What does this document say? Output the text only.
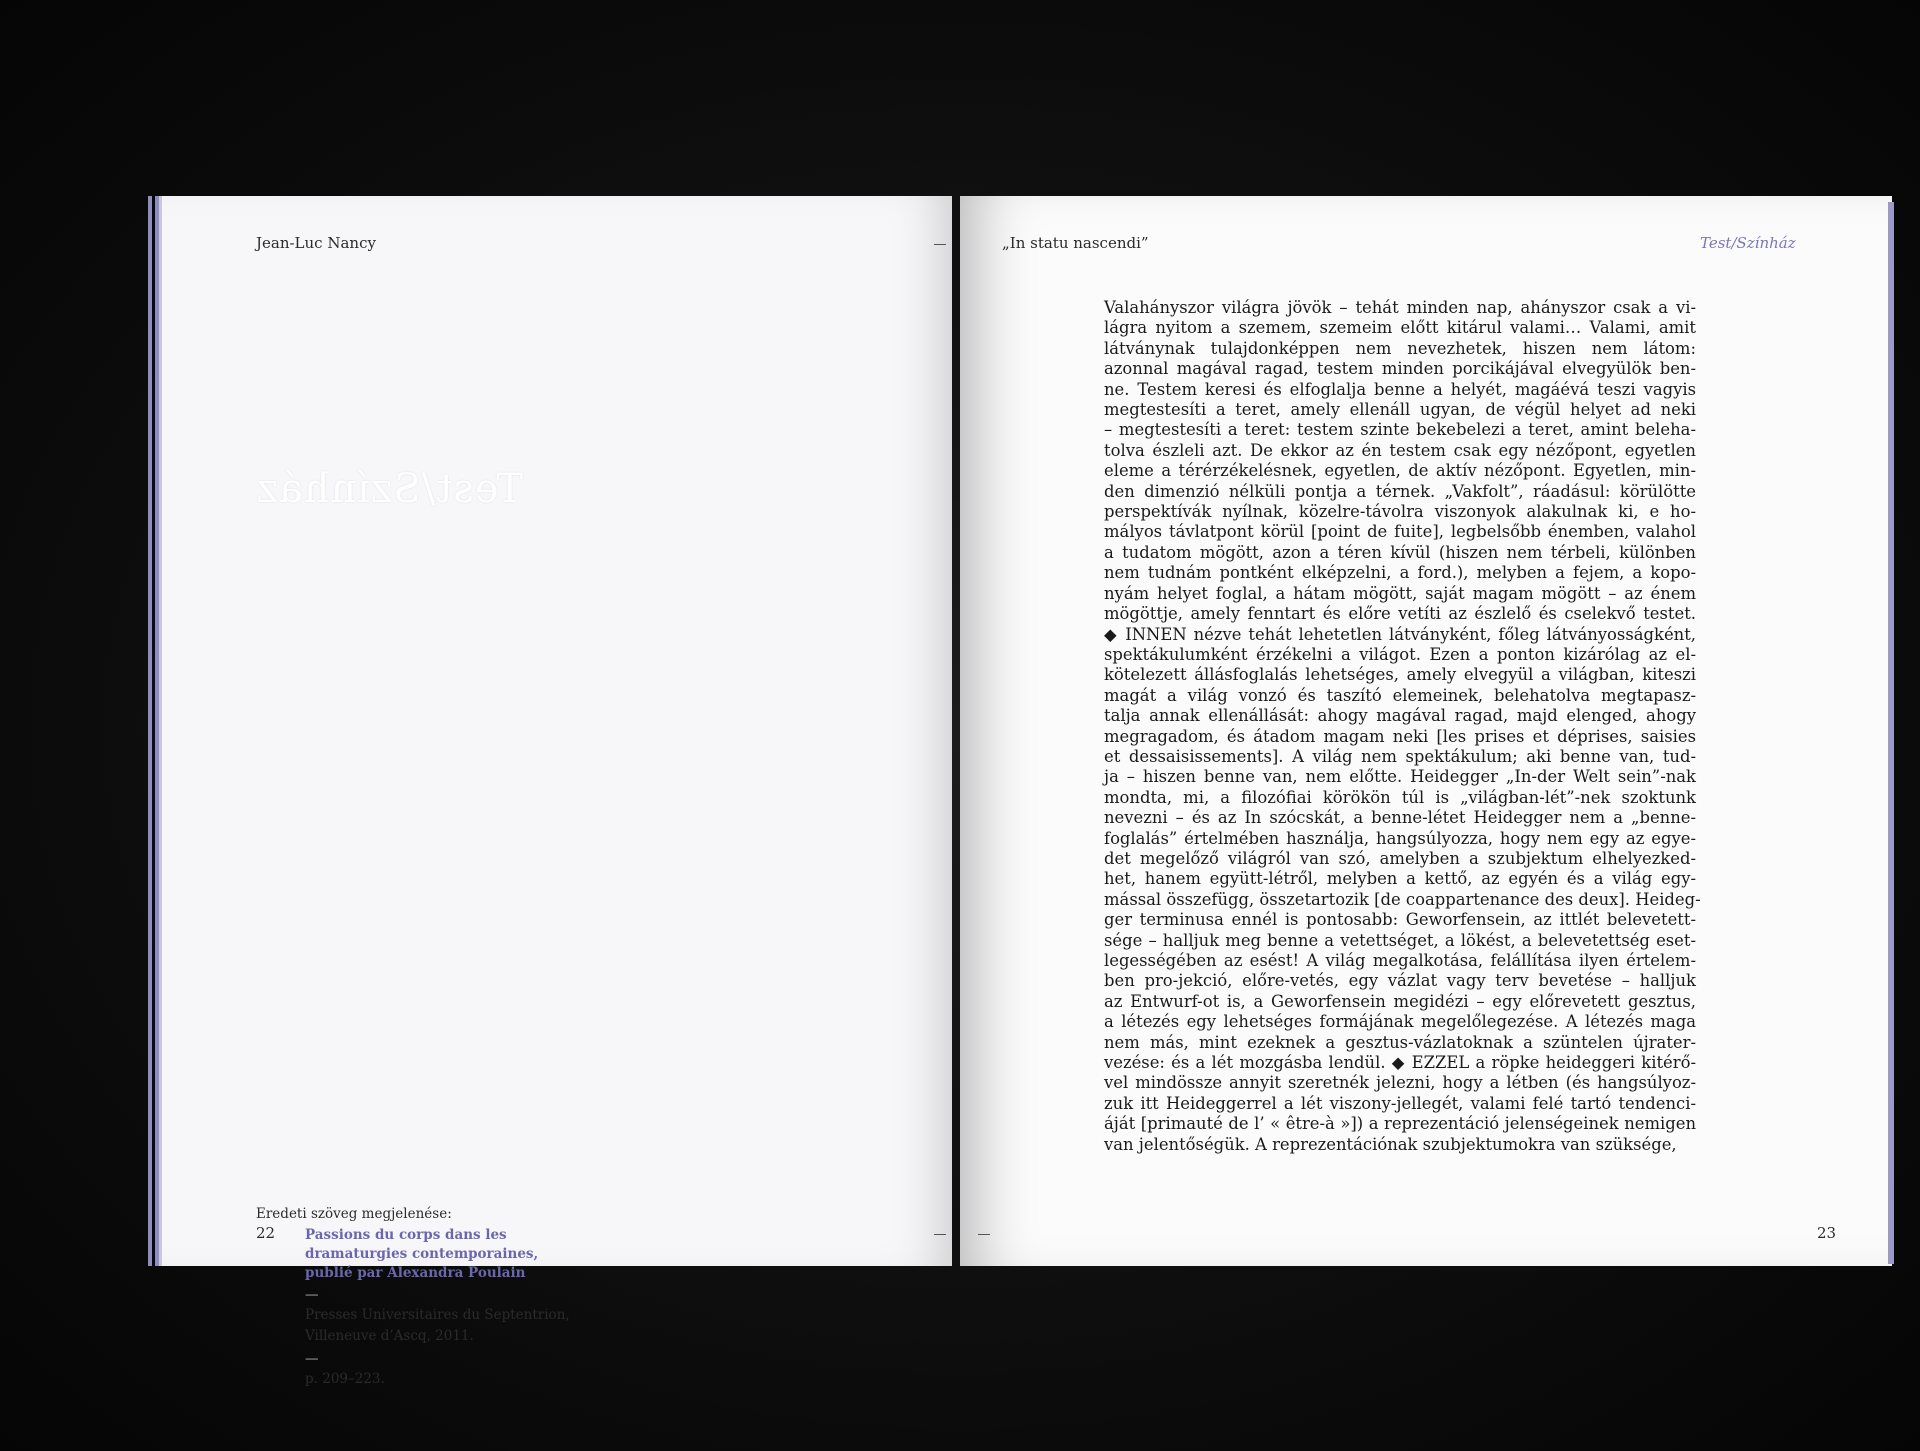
Jean-Luc Nancy
Test/Színház
Eredeti szöveg megjelenése:
Passions du corps dans les
dramaturgies contemporaines,
publié par Alexandra Poulain
—
Presses Universitaires du Septentrion,
Villeneuve d’Ascq, 2011.
—
p. 209–223.
22
„In statu nascendi”	Test/Színház
23
Valahányszor világra jövök – tehát minden nap, ahányszor csak a vi-
lágra nyitom a szemem, szemeim előtt kitárul valami… Valami, amit
látványnak tulajdonképpen nem nevezhetek, hiszen nem látom:
azonnal magával ragad, testem minden porcikájával elvegyülök ben-
ne. Testem keresi és elfoglalja benne a helyét, magáévá teszi vagyis
megtestesíti a teret, amely ellenáll ugyan, de végül helyet ad neki
– megtestesíti a teret: testem szinte bekebelezi a teret, amint beleha-
tolva észleli azt. De ekkor az én testem csak egy nézőpont, egyetlen
eleme a térérzékelésnek, egyetlen, de aktív nézőpont. Egyetlen, min-
den dimenzió nélküli pontja a térnek. „Vakfolt”, ráadásul: körülötte
perspektívák nyílnak, közelre-távolra viszonyok alakulnak ki, e ho-
mályos távlatpont körül [point de fuite], legbelsőbb énemben, valahol
a tudatom mögött, azon a téren kívül (hiszen nem térbeli, különben
nem tudnám pontként elképzelni, a ford.), melyben a fejem, a kopo-
nyám helyet foglal, a hátam mögött, saját magam mögött – az énem
mögöttje, amely fenntart és előre vetíti az észlelő és cselekvő testet.
◆ INNEN nézve tehát lehetetlen látványként, főleg látványosságként,
spektákulumként érzékelni a világot. Ezen a ponton kizárólag az el-
kötelezett állásfoglalás lehetséges, amely elvegyül a világban, kiteszi
magát a világ vonzó és taszító elemeinek, belehatolva megtapasz-
talja annak ellenállását: ahogy magával ragad, majd elenged, ahogy
megragadom, és átadom magam neki [les prises et déprises, saisies
et dessaisissements]. A világ nem spektákulum; aki benne van, tud-
ja – hiszen benne van, nem előtte. Heidegger „In-der Welt sein”-nak
mondta, mi, a filozófiai körökön túl is „világban-lét”-nek szoktunk
nevezni – és az In szócskát, a benne-létet Heidegger nem a „benne-
foglalás” értelmében használja, hangsúlyozza, hogy nem egy az egye-
det megelőző világról van szó, amelyben a szubjektum elhelyezked-
het, hanem együtt-létről, melyben a kettő, az egyén és a világ egy-
mással összefügg, összetartozik [de coappartenance des deux]. Heideg-
ger terminusa ennél is pontosabb: Geworfensein, az ittlét belevetett-
sége – halljuk meg benne a vetettséget, a lökést, a belevetettség eset-
legességében az esést! A világ megalkotása, felállítása ilyen értelem-
ben pro-jekció, előre-vetés, egy vázlat vagy terv bevetése – halljuk
az Entwurf-ot is, a Geworfensein megidézi – egy előrevetett gesztus,
a létezés egy lehetséges formájának megelőlegezése. A létezés maga
nem más, mint ezeknek a gesztus-vázlatoknak a szüntelen újrater-
vezése: és a lét mozgásba lendül. ◆ EZZEL a röpke heideggeri kitérő-
vel mindössze annyit szeretnék jelezni, hogy a létben (és hangsúlyoz-
zuk itt Heideggerrel a lét viszony-jellegét, valami felé tartó tendenci-
áját [primauté de l’ « être-à »]) a reprezentáció jelenségeinek nemigen
van jelentőségük. A reprezentációnak szubjektumokra van szüksége,
